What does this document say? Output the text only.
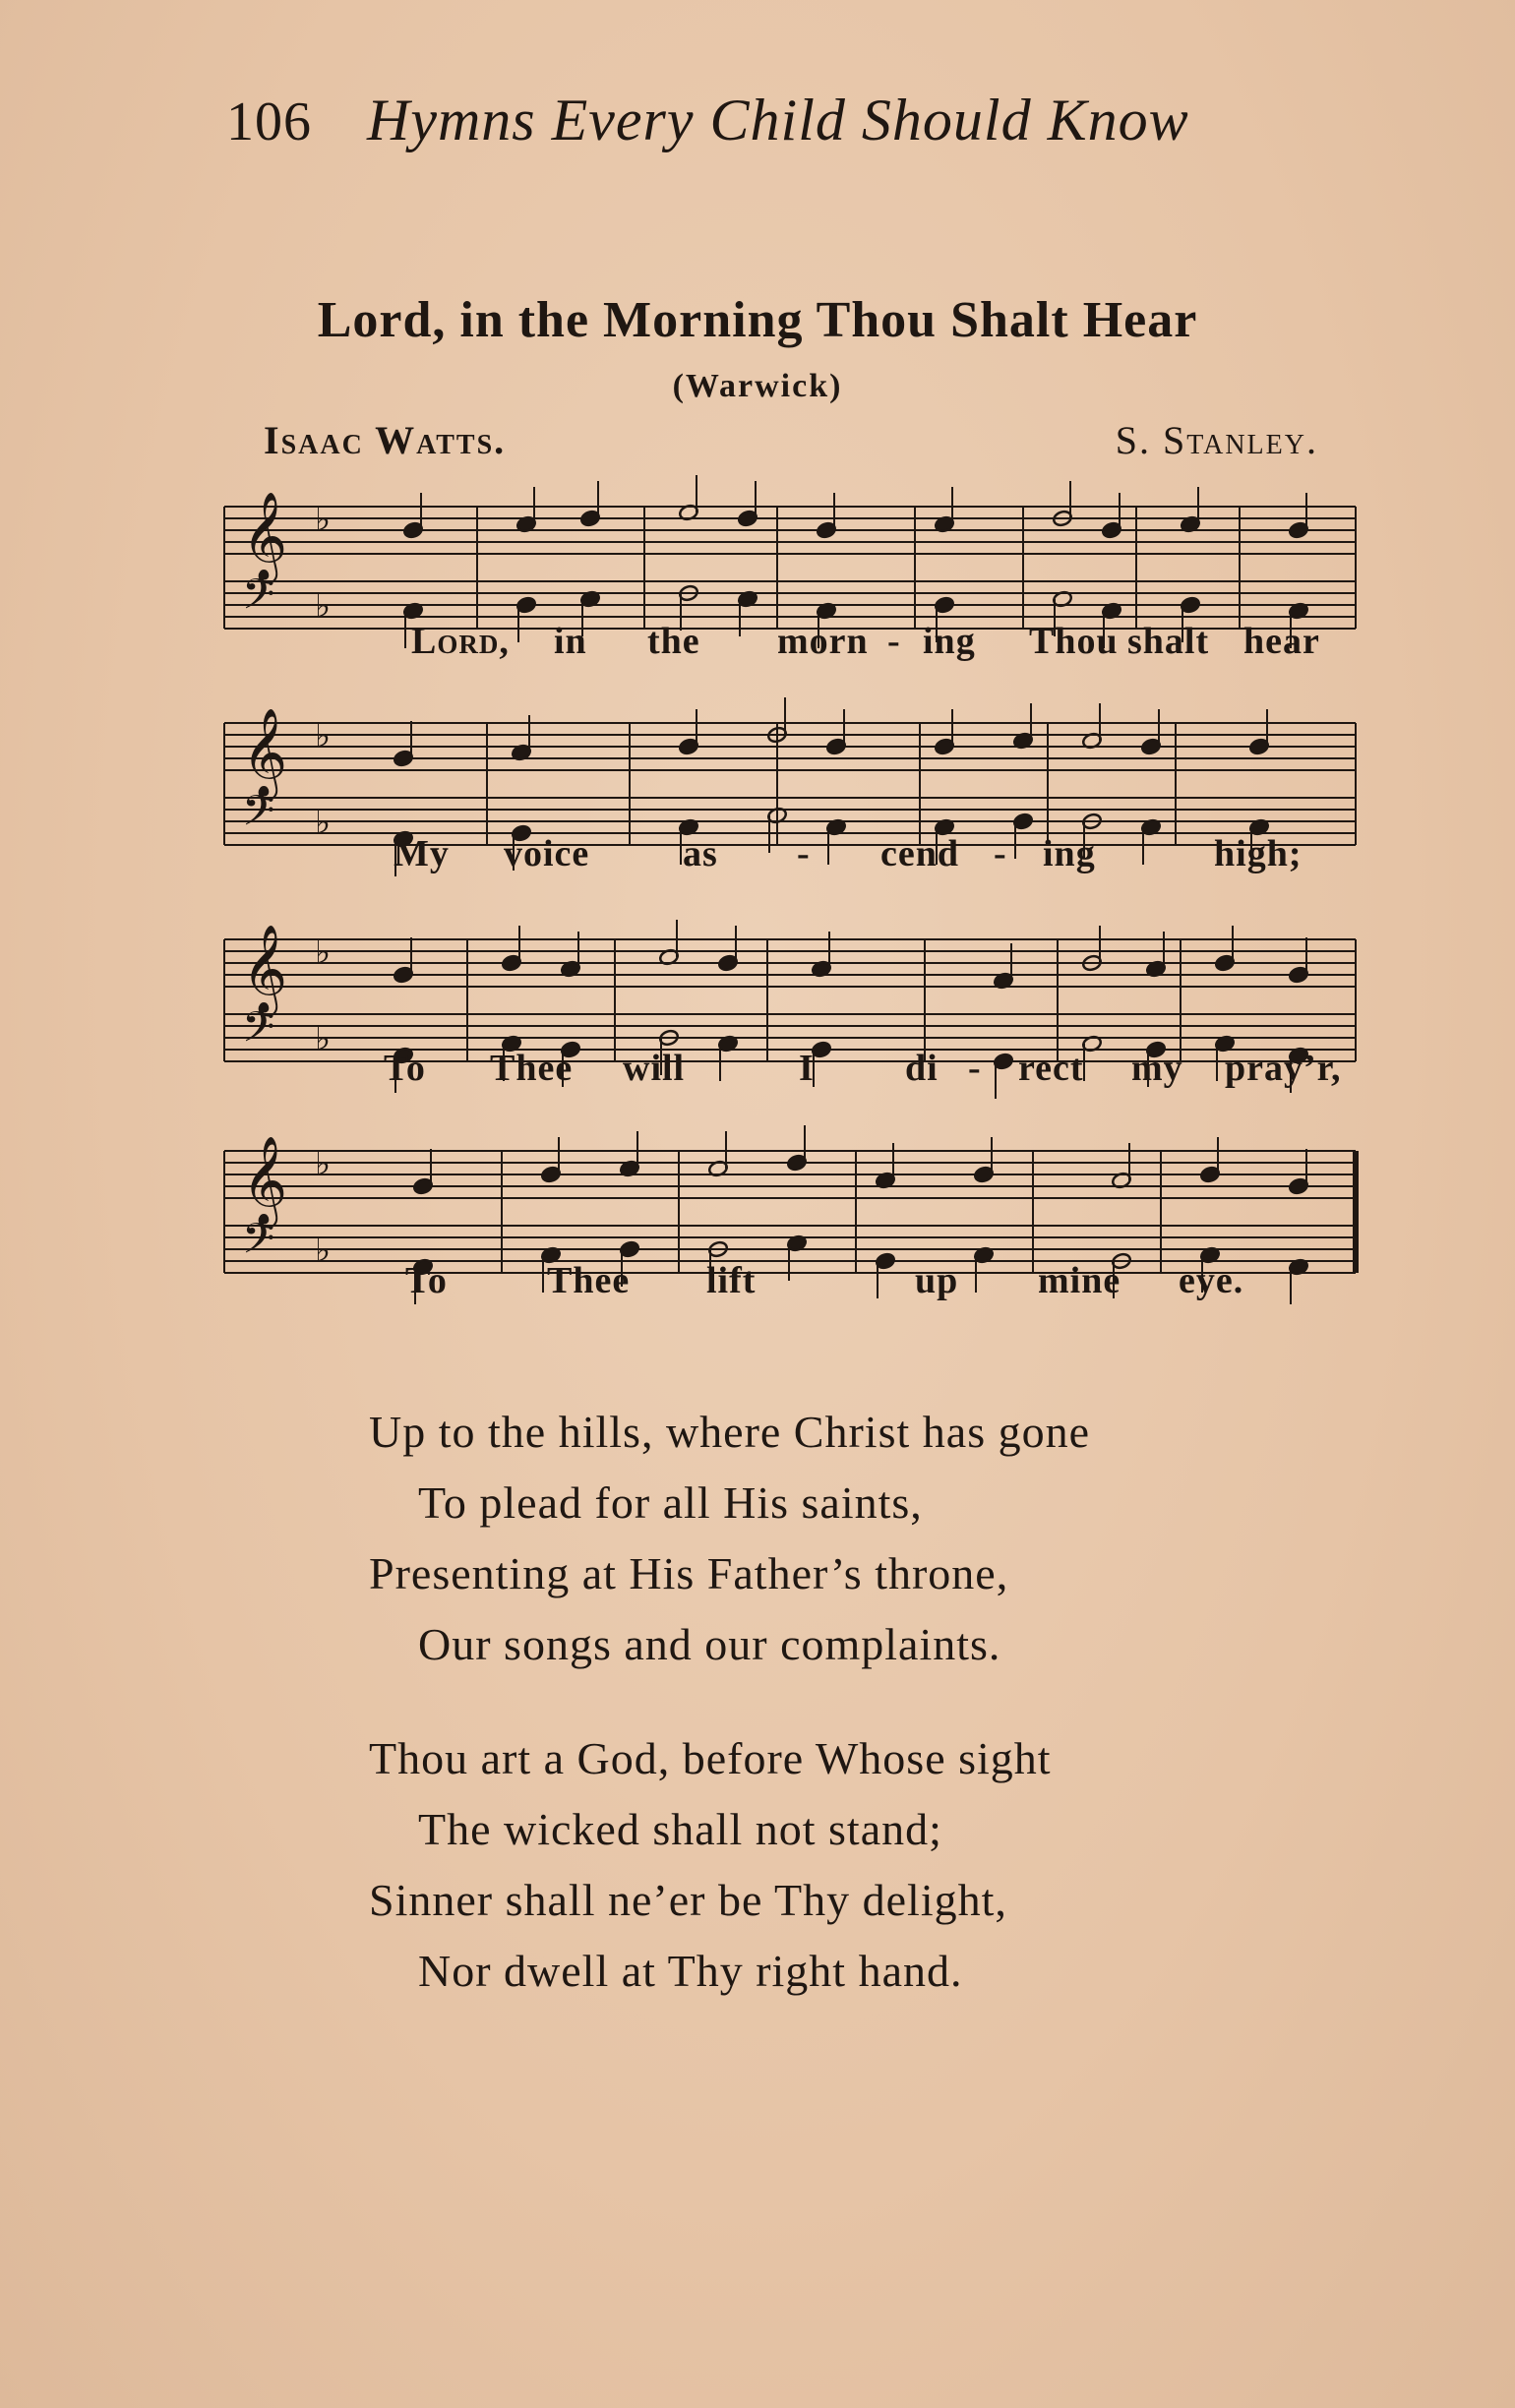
106 Hymns Every Child Should Know
Lord, in the Morning Thou Shalt Hear
(Warwick)
Isaac Watts.	S. Stanley.
𝄞
𝄢
♭
♭
𝄞
𝄢
♭
♭
𝄞
𝄢
♭
♭
𝄞
𝄢
♭
♭
Lord, in the morn - ing Thou shalt hear
My voice as - cend - ing	high;
To Thee will	I di - rect my pray’r,
To	Thee lift	up mine eye.
Up to the hills, where Christ has gone
To plead for all His saints,
Presenting at His Father’s throne,
Our songs and our complaints.
Thou art a God, before Whose sight
The wicked shall not stand;
Sinner shall ne’er be Thy delight,
Nor dwell at Thy right hand.
